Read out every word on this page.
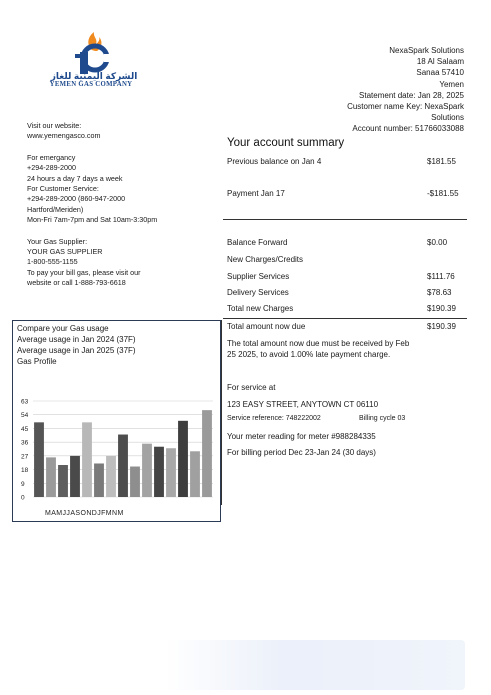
الشركة اليمنية للغاز
YEMEN GAS COMPANY
NexaSpark Solutions
18 Al Salaam
Sanaa 57410
Yemen
Statement date: Jan 28, 2025
Customer name Key: NexaSpark
Solutions
Account number: 51766033088
Visit our website:
www.yemengasco.com
For emergancy
+294-289-2000
24 hours a day 7 days a week
For Customer Service:
+294-289-2000 (860-947-2000
Hartford/Meriden)
Mon-Fri 7am-7pm and Sat 10am-3:30pm
Your Gas Supplier:
YOUR GAS SUPPLIER
1-800-555-1155
To pay your bill gas, please visit our
website or call 1-888-793-6618
Your account summary
Previous balance on Jan 4	$181.55
Payment Jan 17	-$181.55
Balance Forward	$0.00
New Charges/Credits
Supplier Services	$111.76
Delivery Services	$78.63
Total new Charges	$190.39
Total amount now due	$190.39
The total amount now due must be received by Feb
25 2025, to avoid 1.00% late payment charge.
For service at
123 EASY STREET, ANYTOWN CT 06110
Service reference: 748222002	Billing cycle 03
Your meter reading for meter #988284335
For billing period Dec 23-Jan 24 (30 days)
Compare your Gas usage
Average usage in Jan 2024 (37F)
Average usage in Jan 2025 (37F)
Gas Profile
0
9
18
27
36
45
54
63
MAMJJASONDJFMNM
